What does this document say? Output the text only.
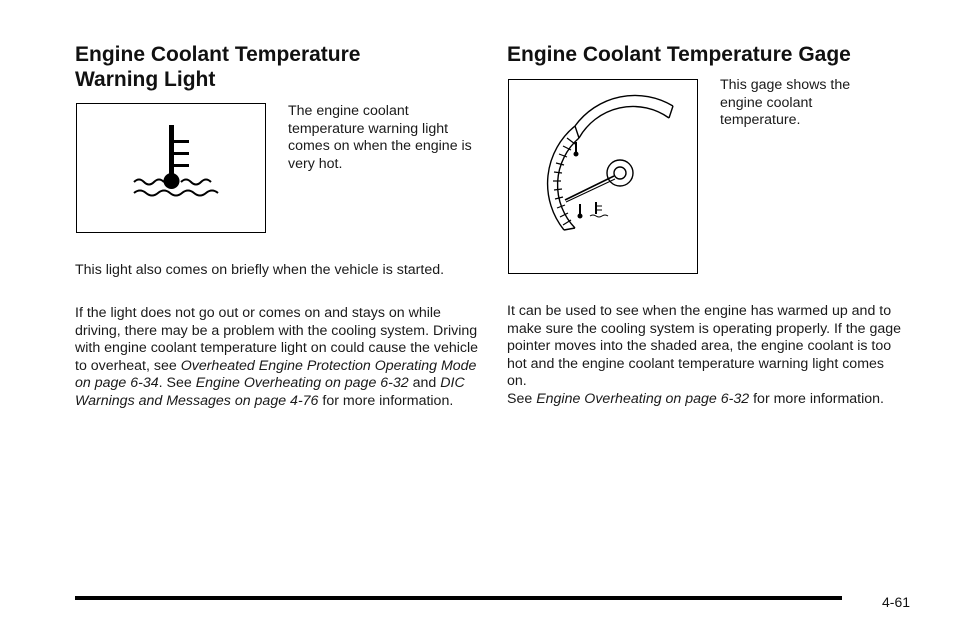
Engine Coolant Temperature
Warning Light

The engine coolant temperature warning light comes on when the engine is very hot.

This light also comes on briefly when the vehicle is started.

If the light does not go out or comes on and stays on while driving, there may be a problem with the cooling system. Driving with engine coolant temperature light on could cause the vehicle to overheat, see Overheated Engine Protection Operating Mode on page 6-34. See Engine Overheating on page 6-32 and DIC Warnings and Messages on page 4-76 for more information.

Engine Coolant Temperature Gage

This gage shows the engine coolant temperature.

It can be used to see when the engine has warmed up and to make sure the cooling system is operating properly. If the gage pointer moves into the shaded area, the engine coolant is too hot and the engine coolant temperature warning light comes on.

See Engine Overheating on page 6-32 for more information.

4-61
